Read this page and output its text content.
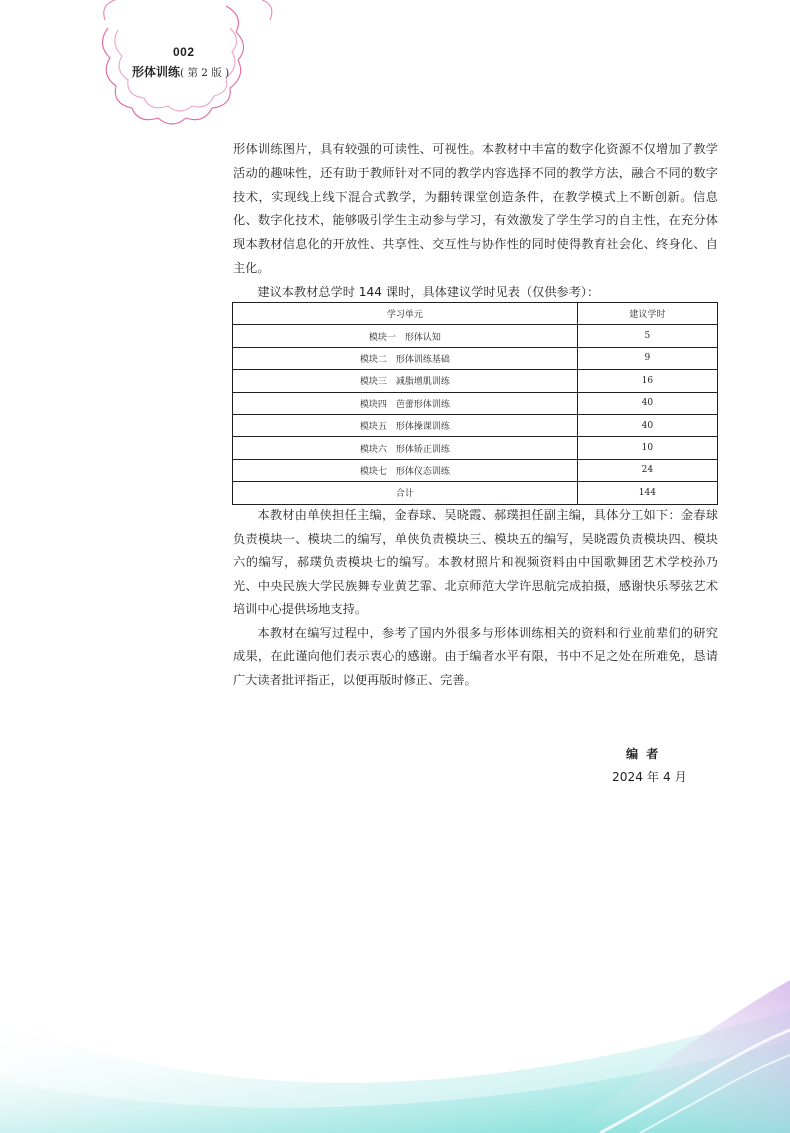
002
形体训练( 第 2 版 )

形体训练图片，具有较强的可读性、可视性。本教材中丰富的数字化资源不仅增加了教学活动的趣味性，还有助于教师针对不同的教学内容选择不同的教学方法，融合不同的数字技术，实现线上线下混合式教学，为翻转课堂创造条件，在教学模式上不断创新。信息化、数字化技术，能够吸引学生主动参与学习，有效激发了学生学习的自主性，在充分体现本教材信息化的开放性、共享性、交互性与协作性的同时使得教育社会化、终身化、自主化。

建议本教材总学时 144 课时，具体建议学时见表（仅供参考）：

学习单元	建议学时
模块一　形体认知	5
模块二　形体训练基础	9
模块三　减脂增肌训练	16
模块四　芭蕾形体训练	40
模块五　形体操课训练	40
模块六　形体矫正训练	10
模块七　形体仪态训练	24
合计	144

本教材由单侠担任主编，金春球、吴晓霞、郝璞担任副主编，具体分工如下：金春球负责模块一、模块二的编写，单侠负责模块三、模块五的编写，吴晓霞负责模块四、模块六的编写，郝璞负责模块七的编写。本教材照片和视频资料由中国歌舞团艺术学校孙乃光、中央民族大学民族舞专业黄艺霏、北京师范大学许思航完成拍摄，感谢快乐琴弦艺术培训中心提供场地支持。

本教材在编写过程中，参考了国内外很多与形体训练相关的资料和行业前辈们的研究成果，在此谨向他们表示衷心的感谢。由于编者水平有限，书中不足之处在所难免，恳请广大读者批评指正，以便再版时修正、完善。

编者
2024 年 4 月
